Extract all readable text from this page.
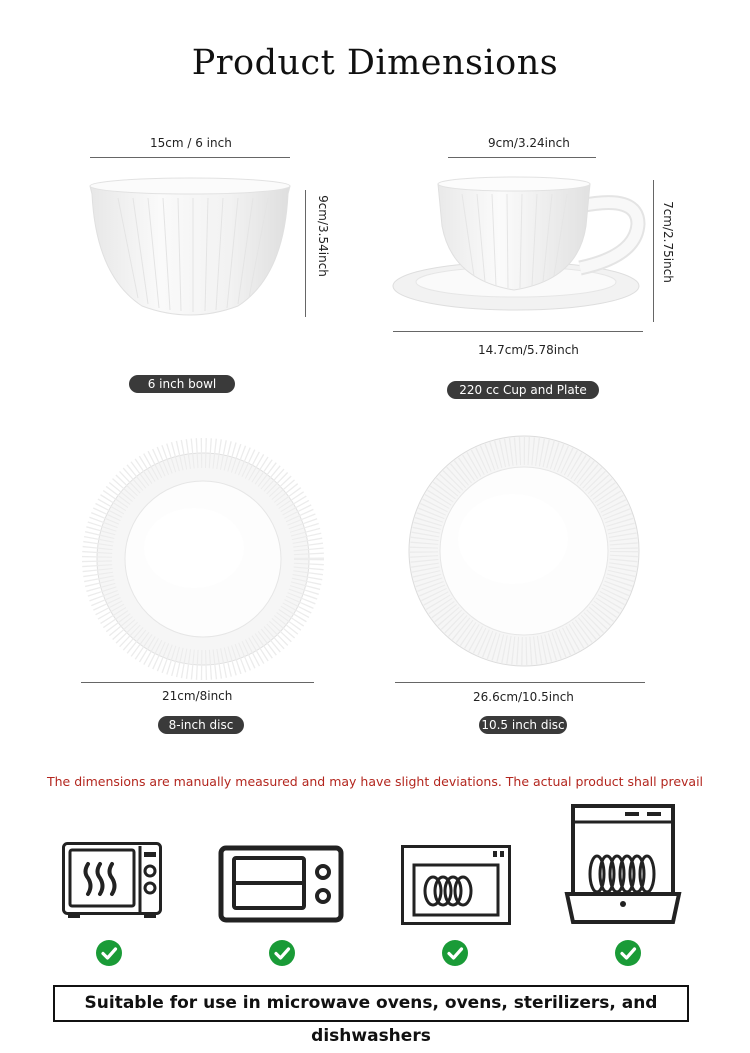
Product Dimensions
15cm / 6 inch
9cm/3.54inch
6 inch bowl
9cm/3.24inch
7cm/2.75inch
14.7cm/5.78inch
220 cc Cup and Plate
21cm/8inch
8-inch disc
26.6cm/10.5inch
10.5 inch disc
The dimensions are manually measured and may have slight deviations. The actual product shall prevail
Suitable for use in microwave ovens, ovens, sterilizers, and dishwashers
